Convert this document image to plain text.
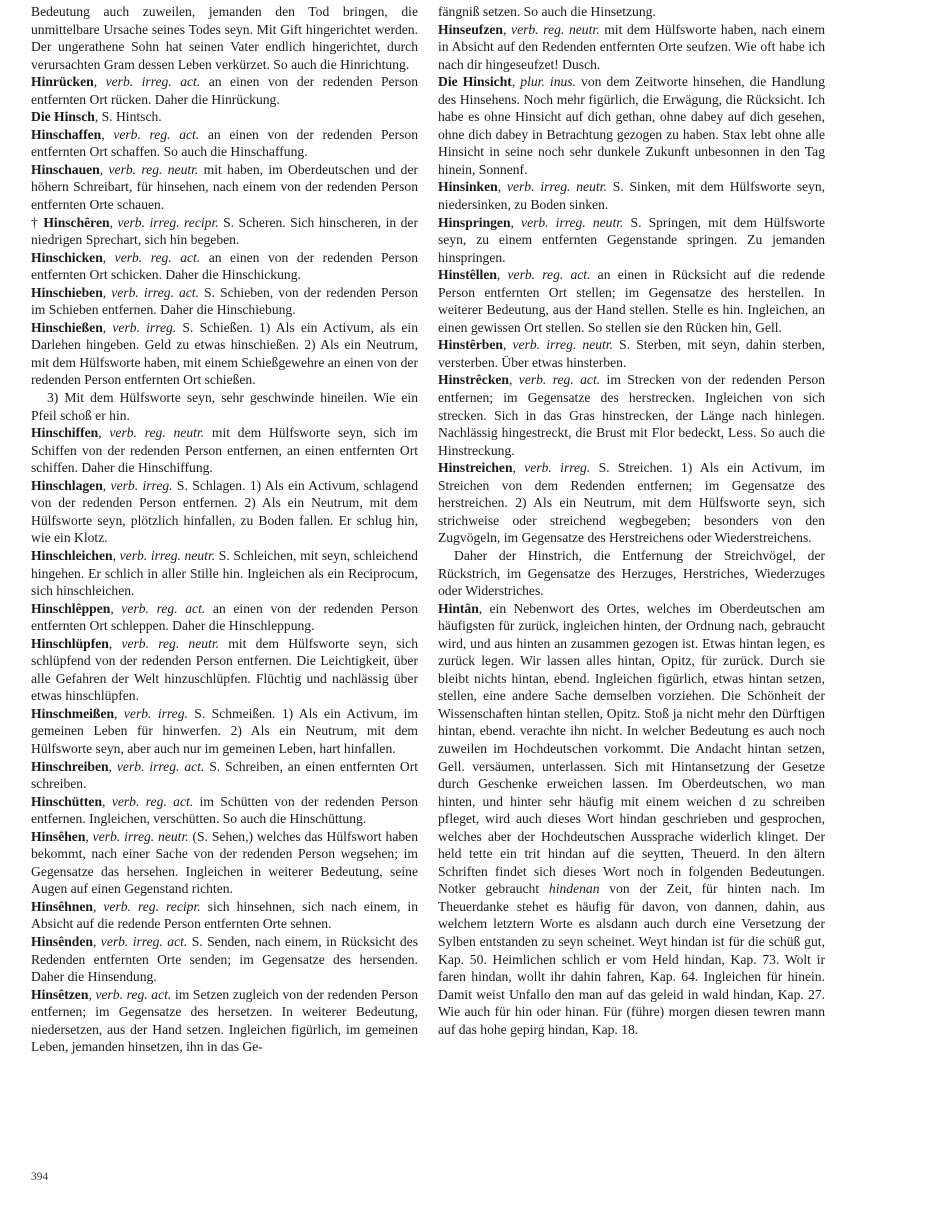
Bedeutung auch zuweilen, jemanden den Tod bringen, die unmittelbare Ursache seines Todes seyn. Mit Gift hingerichtet werden. Der ungerathene Sohn hat seinen Vater endlich hingerichtet, durch verursachten Gram dessen Leben verkürzet. So auch die Hinrichtung.

Hinrücken, verb. irreg. act. an einen von der redenden Person entfernten Ort rücken. Daher die Hinrückung.

Die Hinsch, S. Hintsch.

Hinschaffen, verb. reg. act. an einen von der redenden Person entfernten Ort schaffen. So auch die Hinschaffung.

Hinschauen, verb. reg. neutr. mit haben, im Oberdeutschen und der höhern Schreibart, für hinsehen, nach einem von der redenden Person entfernten Orte schauen.

† Hinschêren, verb. irreg. recipr. S. Scheren. Sich hinscheren, in der niedrigen Sprechart, sich hin begeben.

Hinschicken, verb. reg. act. an einen von der redenden Person entfernten Ort schicken. Daher die Hinschickung.

Hinschieben, verb. irreg. act. S. Schieben, von der redenden Person im Schieben entfernen. Daher die Hinschiebung.

Hinschießen, verb. irreg. S. Schießen. 1) Als ein Activum, als ein Darlehen hingeben. Geld zu etwas hinschießen. 2) Als ein Neutrum, mit dem Hülfsworte haben, mit einem Schießgewehre an einen von der redenden Person entfernten Ort schießen.

3) Mit dem Hülfsworte seyn, sehr geschwinde hineilen. Wie ein Pfeil schoß er hin.

Hinschiffen, verb. reg. neutr. mit dem Hülfsworte seyn, sich im Schiffen von der redenden Person entfernen, an einen entfernten Ort schiffen. Daher die Hinschiffung.

Hinschlagen, verb. irreg. S. Schlagen. 1) Als ein Activum, schlagend von der redenden Person entfernen. 2) Als ein Neutrum, mit dem Hülfsworte seyn, plötzlich hinfallen, zu Boden fallen. Er schlug hin, wie ein Klotz.

Hinschleichen, verb. irreg. neutr. S. Schleichen, mit seyn, schleichend hingehen. Er schlich in aller Stille hin. Ingleichen als ein Reciprocum, sich hinschleichen.

Hinschlêppen, verb. reg. act. an einen von der redenden Person entfernten Ort schleppen. Daher die Hinschleppung.

Hinschlüpfen, verb. reg. neutr. mit dem Hülfsworte seyn, sich schlüpfend von der redenden Person entfernen. Die Leichtigkeit, über alle Gefahren der Welt hinzuschlüpfen. Flüchtig und nachlässig über etwas hinschlüpfen.

Hinschmeißen, verb. irreg. S. Schmeißen. 1) Als ein Activum, im gemeinen Leben für hinwerfen. 2) Als ein Neutrum, mit dem Hülfsworte seyn, aber auch nur im gemeinen Leben, hart hinfallen.

Hinschreiben, verb. irreg. act. S. Schreiben, an einen entfernten Ort schreiben.

Hinschütten, verb. reg. act. im Schütten von der redenden Person entfernen. Ingleichen, verschütten. So auch die Hinschüttung.

Hinsêhen, verb. irreg. neutr. (S. Sehen,) welches das Hülfswort haben bekommt, nach einer Sache von der redenden Person wegsehen; im Gegensatze das hersehen. Ingleichen in weiterer Bedeutung, seine Augen auf einen Gegenstand richten.

Hinsêhnen, verb. reg. recipr. sich hinsehnen, sich nach einem, in Absicht auf die redende Person entfernten Orte sehnen.

Hinsênden, verb. irreg. act. S. Senden, nach einem, in Rücksicht des Redenden entfernten Orte senden; im Gegensatze des hersenden. Daher die Hinsendung.

Hinsêtzen, verb. reg. act. im Setzen zugleich von der redenden Person entfernen; im Gegensatze des hersetzen. In weiterer Bedeutung, niedersetzen, aus der Hand setzen. Ingleichen figürlich, im gemeinen Leben, jemanden hinsetzen, ihn in das Ge-

fängniß setzen. So auch die Hinsetzung.

Hinseufzen, verb. reg. neutr. mit dem Hülfsworte haben, nach einem in Absicht auf den Redenden entfernten Orte seufzen. Wie oft habe ich nach dir hingeseufzet! Dusch.

Die Hinsicht, plur. inus. von dem Zeitworte hinsehen, die Handlung des Hinsehens. Noch mehr figürlich, die Erwägung, die Rücksicht. Ich habe es ohne Hinsicht auf dich gethan, ohne dabey auf dich gesehen, ohne dich dabey in Betrachtung gezogen zu haben. Stax lebt ohne alle Hinsicht in seine noch sehr dunkele Zukunft unbesonnen in den Tag hinein, Sonnenf.

Hinsinken, verb. irreg. neutr. S. Sinken, mit dem Hülfsworte seyn, niedersinken, zu Boden sinken.

Hinspringen, verb. irreg. neutr. S. Springen, mit dem Hülfsworte seyn, zu einem entfernten Gegenstande springen. Zu jemanden hinspringen.

Hinstêllen, verb. reg. act. an einen in Rücksicht auf die redende Person entfernten Ort stellen; im Gegensatze des herstellen. In weiterer Bedeutung, aus der Hand stellen. Stelle es hin. Ingleichen, an einen gewissen Ort stellen. So stellen sie den Rücken hin, Gell.

Hinstêrben, verb. irreg. neutr. S. Sterben, mit seyn, dahin sterben, versterben. Über etwas hinsterben.

Hinstrêcken, verb. reg. act. im Strecken von der redenden Person entfernen; im Gegensatze des herstrecken. Ingleichen von sich strecken. Sich in das Gras hinstrecken, der Länge nach hinlegen. Nachlässig hingestreckt, die Brust mit Flor bedeckt, Less. So auch die Hinstreckung.

Hinstreichen, verb. irreg. S. Streichen. 1) Als ein Activum, im Streichen von dem Redenden entfernen; im Gegensatze des herstreichen. 2) Als ein Neutrum, mit dem Hülfsworte seyn, sich strichweise oder streichend wegbegeben; besonders von den Zugvögeln, im Gegensatze des Herstreichens oder Wiederstreichens.

Daher der Hinstrich, die Entfernung der Streichvögel, der Rückstrich, im Gegensatze des Herzuges, Herstriches, Wiederzuges oder Widerstriches.

Hintân, ein Nebenwort des Ortes, welches im Oberdeutschen am häufigsten für zurück, ingleichen hinten, der Ordnung nach, gebraucht wird, und aus hinten an zusammen gezogen ist. Etwas hintan legen, es zurück legen. Wir lassen alles hintan, Opitz, für zurück. Durch sie bleibt nichts hintan, ebend. Ingleichen figürlich, etwas hintan setzen, stellen, eine andere Sache demselben vorziehen. Die Schönheit der Wissenschaften hintan stellen, Opitz. Stoß ja nicht mehr den Dürftigen hintan, ebend. verachte ihn nicht. In welcher Bedeutung es auch noch zuweilen im Hochdeutschen vorkommt. Die Andacht hintan setzen, Gell. versäumen, unterlassen. Sich mit Hintansetzung der Gesetze durch Geschenke erweichen lassen. Im Oberdeutschen, wo man hinten, und hinter sehr häufig mit einem weichen d zu schreiben pfleget, wird auch dieses Wort hindan geschrieben und gesprochen, welches aber der Hochdeutschen Aussprache widerlich klinget. Der held tette ein trit hindan auf die seytten, Theuerd. In den ältern Schriften findet sich dieses Wort noch in folgenden Bedeutungen. Notker gebraucht hindenan von der Zeit, für hinten nach. Im Theuerdanke stehet es häufig für davon, von dannen, dahin, aus welchem letztern Worte es alsdann auch durch eine Versetzung der Sylben entstanden zu seyn scheinet. Weyt hindan ist für die schüß gut, Kap. 50. Heimlichen schlich er vom Held hindan, Kap. 73. Wolt ir faren hindan, wollt ihr dahin fahren, Kap. 64. Ingleichen für hinein. Damit weist Unfallo den man auf das geleid in wald hindan, Kap. 27. Wie auch für hin oder hinan. Für (führe) morgen diesen tewren mann auf das hohe gepirg hindan, Kap. 18.

394
